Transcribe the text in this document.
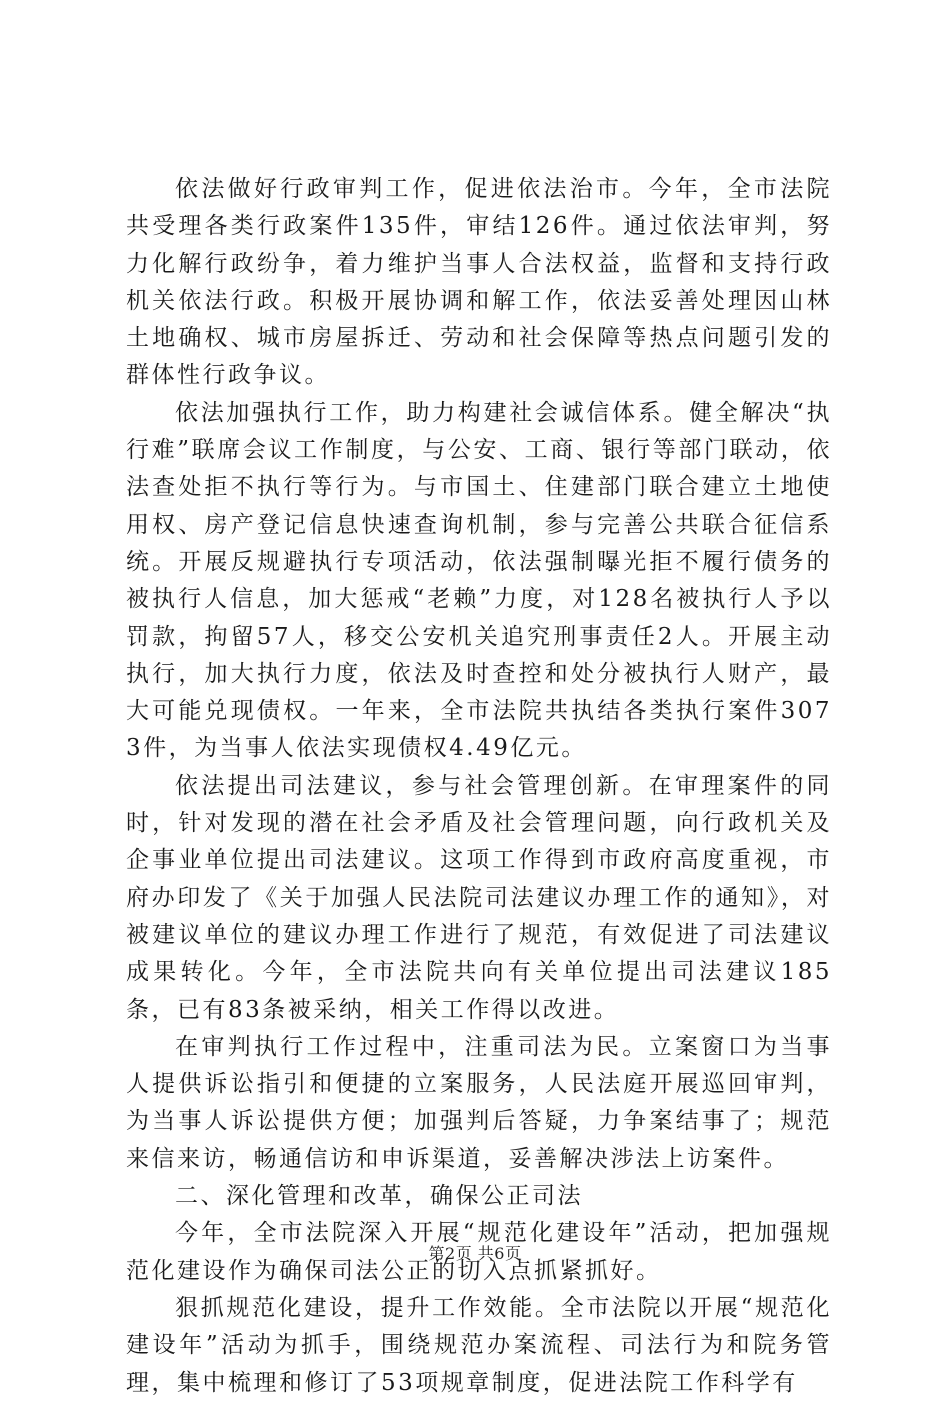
依法做好行政审判工作，促进依法治市。今年，全市法院共受理各类行政案件135件，审结126件。通过依法审判，努力化解行政纷争，着力维护当事人合法权益，监督和支持行政机关依法行政。积极开展协调和解工作，依法妥善处理因山林土地确权、城市房屋拆迁、劳动和社会保障等热点问题引发的群体性行政争议。

依法加强执行工作，助力构建社会诚信体系。健全解决“执行难”联席会议工作制度，与公安、工商、银行等部门联动，依法查处拒不执行等行为。与市国土、住建部门联合建立土地使用权、房产登记信息快速查询机制，参与完善公共联合征信系统。开展反规避执行专项活动，依法强制曝光拒不履行债务的被执行人信息，加大惩戒“老赖”力度，对128名被执行人予以罚款，拘留57人，移交公安机关追究刑事责任2人。开展主动执行，加大执行力度，依法及时查控和处分被执行人财产，最大可能兑现债权。一年来，全市法院共执结各类执行案件3073件，为当事人依法实现债权4.49亿元。

依法提出司法建议，参与社会管理创新。在审理案件的同时，针对发现的潜在社会矛盾及社会管理问题，向行政机关及企事业单位提出司法建议。这项工作得到市政府高度重视，市府办印发了《关于加强人民法院司法建议办理工作的通知》，对被建议单位的建议办理工作进行了规范，有效促进了司法建议成果转化。今年，全市法院共向有关单位提出司法建议185条，已有83条被采纳，相关工作得以改进。

在审判执行工作过程中，注重司法为民。立案窗口为当事人提供诉讼指引和便捷的立案服务，人民法庭开展巡回审判，为当事人诉讼提供方便；加强判后答疑，力争案结事了；规范来信来访，畅通信访和申诉渠道，妥善解决涉法上访案件。

二、深化管理和改革，确保公正司法

今年，全市法院深入开展“规范化建设年”活动，把加强规范化建设作为确保司法公正的切入点抓紧抓好。

狠抓规范化建设，提升工作效能。全市法院以开展“规范化建设年”活动为抓手，围绕规范办案流程、司法行为和院务管理，集中梳理和修订了53项规章制度，促进法院工作科学有

第2页 共6页
